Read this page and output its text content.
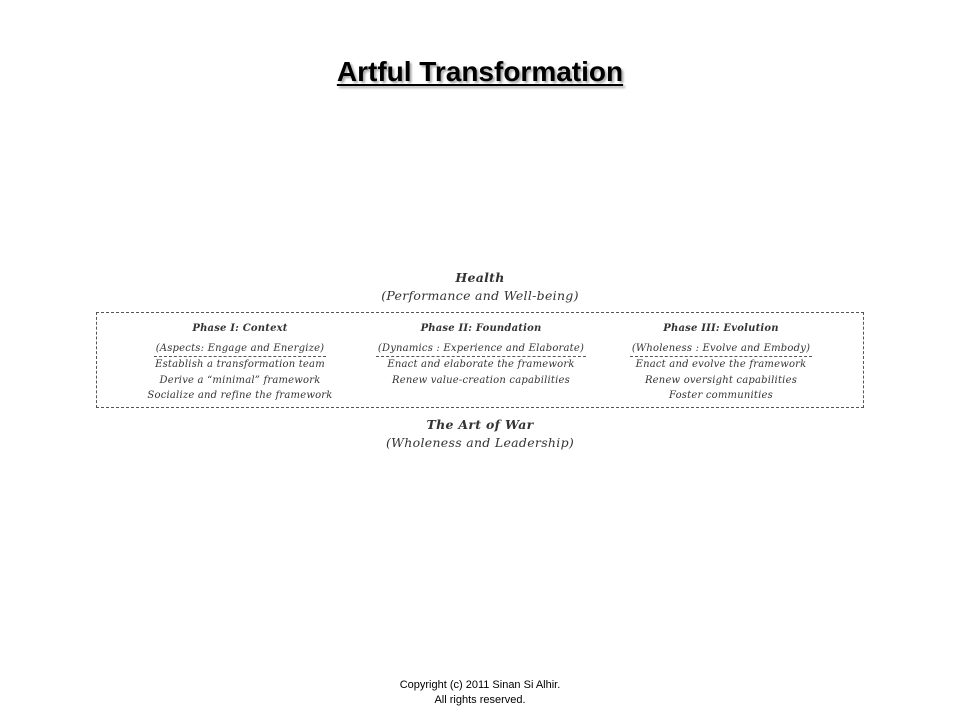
Artful Transformation
Health
(Performance and Well-being)
Phase I: Context
(Aspects: Engage and Energize)
Establish a transformation team
Derive a “minimal” framework
Socialize and refine the framework
Phase II: Foundation
(Dynamics : Experience and Elaborate)
Enact and elaborate the framework
Renew value-creation capabilities
Phase III: Evolution
(Wholeness : Evolve and Embody)
Enact and evolve the framework
Renew oversight capabilities
Foster communities
The Art of War
(Wholeness and Leadership)
Copyright (c) 2011 Sinan Si Alhir.
All rights reserved.
